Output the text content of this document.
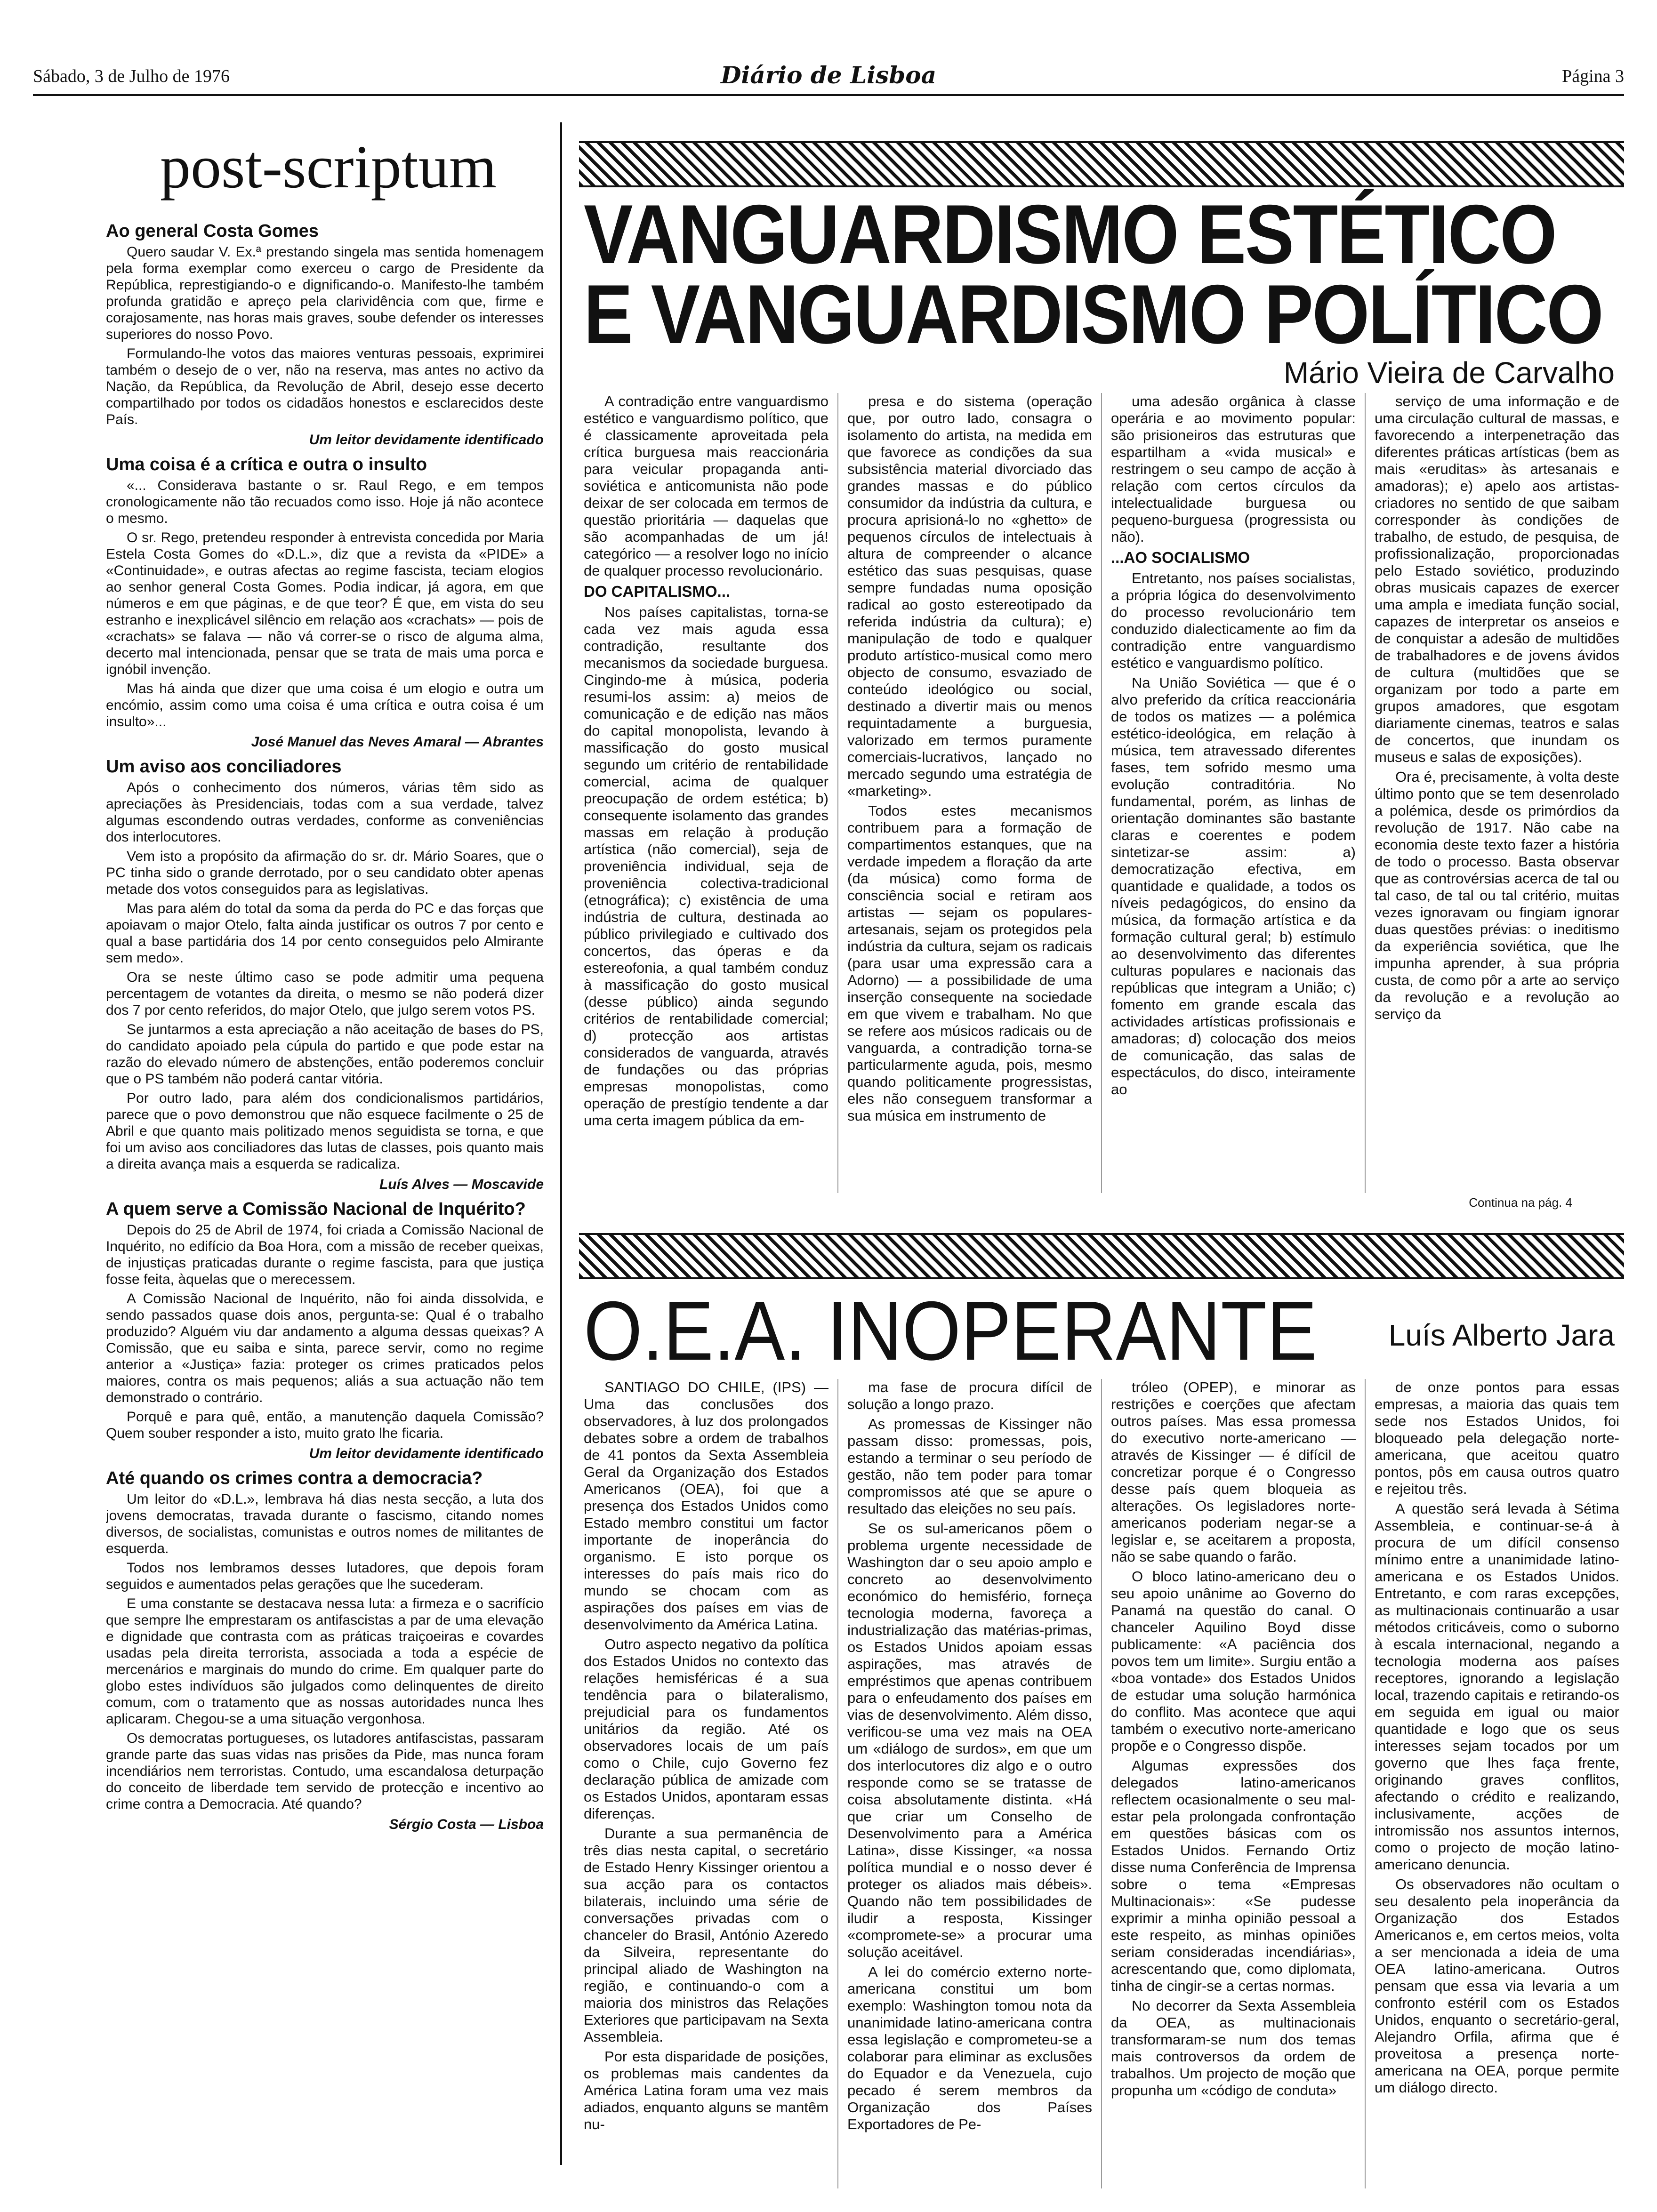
Sábado, 3 de Julho de 1976	Diário de Lisboa	Página 3
post-scriptum
Ao general Costa Gomes

Quero saudar V. Ex.ª prestando singela mas sentida homenagem pela forma exemplar como exerceu o cargo de Presidente da República, represtigiando-o e dignificando-o. Manifesto-lhe também profunda gratidão e apreço pela clarividência com que, firme e corajosamente, nas horas mais graves, soube defender os interesses superiores do nosso Povo.

Formulando-lhe votos das maiores venturas pessoais, exprimirei também o desejo de o ver, não na reserva, mas antes no activo da Nação, da República, da Revolução de Abril, desejo esse decerto compartilhado por todos os cidadãos honestos e esclarecidos deste País.

Um leitor devidamente identificado
Uma coisa é a crítica e outra o insulto

«... Considerava bastante o sr. Raul Rego, e em tempos cronologicamente não tão recuados como isso. Hoje já não acontece o mesmo.

O sr. Rego, pretendeu responder à entrevista concedida por Maria Estela Costa Gomes do «D.L.», diz que a revista da «PIDE» a «Continuidade», e outras afectas ao regime fascista, teciam elogios ao senhor general Costa Gomes. Podia indicar, já agora, em que números e em que páginas, e de que teor? É que, em vista do seu estranho e inexplicável silêncio em relação aos «crachats» — pois de «crachats» se falava — não vá correr-se o risco de alguma alma, decerto mal intencionada, pensar que se trata de mais uma porca e ignóbil invenção.

Mas há ainda que dizer que uma coisa é um elogio e outra um encómio, assim como uma coisa é uma crítica e outra coisa é um insulto»...

José Manuel das Neves Amaral — Abrantes
Um aviso aos conciliadores

Após o conhecimento dos números, várias têm sido as apreciações às Presidenciais, todas com a sua verdade, talvez algumas escondendo outras verdades, conforme as conveniências dos interlocutores.

Vem isto a propósito da afirmação do sr. dr. Mário Soares, que o PC tinha sido o grande derrotado, por o seu candidato obter apenas metade dos votos conseguidos para as legislativas.

Mas para além do total da soma da perda do PC e das forças que apoiavam o major Otelo, falta ainda justificar os outros 7 por cento e qual a base partidária dos 14 por cento conseguidos pelo Almirante sem medo».

Ora se neste último caso se pode admitir uma pequena percentagem de votantes da direita, o mesmo se não poderá dizer dos 7 por cento referidos, do major Otelo, que julgo serem votos PS.

Se juntarmos a esta apreciação a não aceitação de bases do PS, do candidato apoiado pela cúpula do partido e que pode estar na razão do elevado número de abstenções, então poderemos concluir que o PS também não poderá cantar vitória.

Por outro lado, para além dos condicionalismos partidários, parece que o povo demonstrou que não esquece facilmente o 25 de Abril e que quanto mais politizado menos seguidista se torna, e que foi um aviso aos conciliadores das lutas de classes, pois quanto mais a direita avança mais a esquerda se radicaliza.

Luís Alves — Moscavide
A quem serve a Comissão Nacional de Inquérito?

Depois do 25 de Abril de 1974, foi criada a Comissão Nacional de Inquérito, no edifício da Boa Hora, com a missão de receber queixas, de injustiças praticadas durante o regime fascista, para que justiça fosse feita, àquelas que o merecessem.

A Comissão Nacional de Inquérito, não foi ainda dissolvida, e sendo passados quase dois anos, pergunta-se: Qual é o trabalho produzido? Alguém viu dar andamento a alguma dessas queixas? A Comissão, que eu saiba e sinta, parece servir, como no regime anterior a «Justiça» fazia: proteger os crimes praticados pelos maiores, contra os mais pequenos; aliás a sua actuação não tem demonstrado o contrário.

Porquê e para quê, então, a manutenção daquela Comissão? Quem souber responder a isto, muito grato lhe ficaria.

Um leitor devidamente identificado
Até quando os crimes contra a democracia?

Um leitor do «D.L.», lembrava há dias nesta secção, a luta dos jovens democratas, travada durante o fascismo, citando nomes diversos, de socialistas, comunistas e outros nomes de militantes de esquerda.

Todos nos lembramos desses lutadores, que depois foram seguidos e aumentados pelas gerações que lhe sucederam.

E uma constante se destacava nessa luta: a firmeza e o sacrifício que sempre lhe emprestaram os antifascistas a par de uma elevação e dignidade que contrasta com as práticas traiçoeiras e covardes usadas pela direita terrorista, associada a toda a espécie de mercenários e marginais do mundo do crime. Em qualquer parte do globo estes indivíduos são julgados como delinquentes de direito comum, com o tratamento que as nossas autoridades nunca lhes aplicaram. Chegou-se a uma situação vergonhosa.

Os democratas portugueses, os lutadores antifascistas, passaram grande parte das suas vidas nas prisões da Pide, mas nunca foram incendiários nem terroristas. Contudo, uma escandalosa deturpação do conceito de liberdade tem servido de protecção e incentivo ao crime contra a Democracia. Até quando?

Sérgio Costa — Lisboa
VANGUARDISMO ESTÉTICO
E VANGUARDISMO POLÍTICO
Mário Vieira de Carvalho

A contradição entre vanguardismo estético e vanguardismo político, que é classicamente aproveitada pela crítica burguesa mais reaccionária para veicular propaganda anti-soviética e anticomunista não pode deixar de ser colocada em termos de questão prioritária — daquelas que são acompanhadas de um já! categórico — a resolver logo no início de qualquer processo revolucionário.

DO CAPITALISMO...

Nos países capitalistas, torna-se cada vez mais aguda essa contradição, resultante dos mecanismos da sociedade burguesa. Cingindo-me à música, poderia resumi-los assim: a) meios de comunicação e de edição nas mãos do capital monopolista, levando à massificação do gosto musical segundo um critério de rentabilidade comercial, acima de qualquer preocupação de ordem estética; b) consequente isolamento das grandes massas em relação à produção artística (não comercial), seja de proveniência individual, seja de proveniência colectiva-tradicional (etnográfica); c) existência de uma indústria de cultura, destinada ao público privilegiado e cultivado dos concertos, das óperas e da estereofonia, a qual também conduz à massificação do gosto musical (desse público) ainda segundo critérios de rentabilidade comercial; d) protecção aos artistas considerados de vanguarda, através de fundações ou das próprias empresas monopolistas, como operação de prestígio tendente a dar uma certa imagem pública da em-

presa e do sistema (operação que, por outro lado, consagra o isolamento do artista, na medida em que favorece as condições da sua subsistência material divorciado das grandes massas e do público consumidor da indústria da cultura, e procura aprisioná-lo no «ghetto» de pequenos círculos de intelectuais à altura de compreender o alcance estético das suas pesquisas, quase sempre fundadas numa oposição radical ao gosto estereotipado da referida indústria da cultura); e) manipulação de todo e qualquer produto artístico-musical como mero objecto de consumo, esvaziado de conteúdo ideológico ou social, destinado a divertir mais ou menos requintadamente a burguesia, valorizado em termos puramente comerciais-lucrativos, lançado no mercado segundo uma estratégia de «marketing».

Todos estes mecanismos contribuem para a formação de compartimentos estanques, que na verdade impedem a floração da arte (da música) como forma de consciência social e retiram aos artistas — sejam os populares-artesanais, sejam os protegidos pela indústria da cultura, sejam os radicais (para usar uma expressão cara a Adorno) — a possibilidade de uma inserção consequente na sociedade em que vivem e trabalham. No que se refere aos músicos radicais ou de vanguarda, a contradição torna-se particularmente aguda, pois, mesmo quando politicamente progressistas, eles não conseguem transformar a sua música em instrumento de

uma adesão orgânica à classe operária e ao movimento popular: são prisioneiros das estruturas que espartilham a «vida musical» e restringem o seu campo de acção à relação com certos círculos da intelectualidade burguesa ou pequeno-burguesa (progressista ou não).

...AO SOCIALISMO

Entretanto, nos países socialistas, a própria lógica do desenvolvimento do processo revolucionário tem conduzido dialecticamente ao fim da contradição entre vanguardismo estético e vanguardismo político.

Na União Soviética — que é o alvo preferido da crítica reaccionária de todos os matizes — a polémica estético-ideológica, em relação à música, tem atravessado diferentes fases, tem sofrido mesmo uma evolução contraditória. No fundamental, porém, as linhas de orientação dominantes são bastante claras e coerentes e podem sintetizar-se assim: a) democratização efectiva, em quantidade e qualidade, a todos os níveis pedagógicos, do ensino da música, da formação artística e da formação cultural geral; b) estímulo ao desenvolvimento das diferentes culturas populares e nacionais das repúblicas que integram a União; c) fomento em grande escala das actividades artísticas profissionais e amadoras; d) colocação dos meios de comunicação, das salas de espectáculos, do disco, inteiramente ao

serviço de uma informação e de uma circulação cultural de massas, e favorecendo a interpenetração das diferentes práticas artísticas (bem as mais «eruditas» às artesanais e amadoras); e) apelo aos artistas-criadores no sentido de que saibam corresponder às condições de trabalho, de estudo, de pesquisa, de profissionalização, proporcionadas pelo Estado soviético, produzindo obras musicais capazes de exercer uma ampla e imediata função social, capazes de interpretar os anseios e de conquistar a adesão de multidões de trabalhadores e de jovens ávidos de cultura (multidões que se organizam por todo a parte em grupos amadores, que esgotam diariamente cinemas, teatros e salas de concertos, que inundam os museus e salas de exposições).

Ora é, precisamente, à volta deste último ponto que se tem desenrolado a polémica, desde os primórdios da revolução de 1917. Não cabe na economia deste texto fazer a história de todo o processo. Basta observar que as controvérsias acerca de tal ou tal caso, de tal ou tal critério, muitas vezes ignoravam ou fingiam ignorar duas questões prévias: o ineditismo da experiência soviética, que lhe impunha aprender, à sua própria custa, de como pôr a arte ao serviço da revolução e a revolução ao serviço da

Continua na pág. 4
O.E.A. INOPERANTE Luís Alberto Jara

SANTIAGO DO CHILE, (IPS) — Uma das conclusões dos observadores, à luz dos prolongados debates sobre a ordem de trabalhos de 41 pontos da Sexta Assembleia Geral da Organização dos Estados Americanos (OEA), foi que a presença dos Estados Unidos como Estado membro constitui um factor importante de inoperância do organismo. E isto porque os interesses do país mais rico do mundo se chocam com as aspirações dos países em vias de desenvolvimento da América Latina.

Outro aspecto negativo da política dos Estados Unidos no contexto das relações hemisféricas é a sua tendência para o bilateralismo, prejudicial para os fundamentos unitários da região. Até os observadores locais de um país como o Chile, cujo Governo fez declaração pública de amizade com os Estados Unidos, apontaram essas diferenças.

Durante a sua permanência de três dias nesta capital, o secretário de Estado Henry Kissinger orientou a sua acção para os contactos bilaterais, incluindo uma série de conversações privadas com o chanceler do Brasil, António Azeredo da Silveira, representante do principal aliado de Washington na região, e continuando-o com a maioria dos ministros das Relações Exteriores que participavam na Sexta Assembleia.

Por esta disparidade de posições, os problemas mais candentes da América Latina foram uma vez mais adiados, enquanto alguns se mantêm nu-

ma fase de procura difícil de solução a longo prazo.

As promessas de Kissinger não passam disso: promessas, pois, estando a terminar o seu período de gestão, não tem poder para tomar compromissos até que se apure o resultado das eleições no seu país.

Se os sul-americanos põem o problema urgente necessidade de Washington dar o seu apoio amplo e concreto ao desenvolvimento económico do hemisfério, forneça tecnologia moderna, favoreça a industrialização das matérias-primas, os Estados Unidos apoiam essas aspirações, mas através de empréstimos que apenas contribuem para o enfeudamento dos países em vias de desenvolvimento. Além disso, verificou-se uma vez mais na OEA um «diálogo de surdos», em que um dos interlocutores diz algo e o outro responde como se se tratasse de coisa absolutamente distinta. «Há que criar um Conselho de Desenvolvimento para a América Latina», disse Kissinger, «a nossa política mundial e o nosso dever é proteger os aliados mais débeis». Quando não tem possibilidades de iludir a resposta, Kissinger «compromete-se» a procurar uma solução aceitável.

A lei do comércio externo norte-americana constitui um bom exemplo: Washington tomou nota da unanimidade latino-americana contra essa legislação e comprometeu-se a colaborar para eliminar as exclusões do Equador e da Venezuela, cujo pecado é serem membros da Organização dos Países Exportadores de Pe-

tróleo (OPEP), e minorar as restrições e coerções que afectam outros países. Mas essa promessa do executivo norte-americano — através de Kissinger — é difícil de concretizar porque é o Congresso desse país quem bloqueia as alterações. Os legisladores norte-americanos poderiam negar-se a legislar e, se aceitarem a proposta, não se sabe quando o farão.

O bloco latino-americano deu o seu apoio unânime ao Governo do Panamá na questão do canal. O chanceler Aquilino Boyd disse publicamente: «A paciência dos povos tem um limite». Surgiu então a «boa vontade» dos Estados Unidos de estudar uma solução harmónica do conflito. Mas acontece que aqui também o executivo norte-americano propõe e o Congresso dispõe.

Algumas expressões dos delegados latino-americanos reflectem ocasionalmente o seu mal-estar pela prolongada confrontação em questões básicas com os Estados Unidos. Fernando Ortiz disse numa Conferência de Imprensa sobre o tema «Empresas Multinacionais»: «Se pudesse exprimir a minha opinião pessoal a este respeito, as minhas opiniões seriam consideradas incendiárias», acrescentando que, como diplomata, tinha de cingir-se a certas normas.

No decorrer da Sexta Assembleia da OEA, as multinacionais transformaram-se num dos temas mais controversos da ordem de trabalhos. Um projecto de moção que propunha um «código de conduta»

de onze pontos para essas empresas, a maioria das quais tem sede nos Estados Unidos, foi bloqueado pela delegação norte-americana, que aceitou quatro pontos, pôs em causa outros quatro e rejeitou três.

A questão será levada à Sétima Assembleia, e continuar-se-á à procura de um difícil consenso mínimo entre a unanimidade latino-americana e os Estados Unidos. Entretanto, e com raras excepções, as multinacionais continuarão a usar métodos criticáveis, como o suborno à escala internacional, negando a tecnologia moderna aos países receptores, ignorando a legislação local, trazendo capitais e retirando-os em seguida em igual ou maior quantidade e logo que os seus interesses sejam tocados por um governo que lhes faça frente, originando graves conflitos, afectando o crédito e realizando, inclusivamente, acções de intromissão nos assuntos internos, como o projecto de moção latino-americano denuncia.

Os observadores não ocultam o seu desalento pela inoperância da Organização dos Estados Americanos e, em certos meios, volta a ser mencionada a ideia de uma OEA latino-americana. Outros pensam que essa via levaria a um confronto estéril com os Estados Unidos, enquanto o secretário-geral, Alejandro Orfila, afirma que é proveitosa a presença norte-americana na OEA, porque permite um diálogo directo.
